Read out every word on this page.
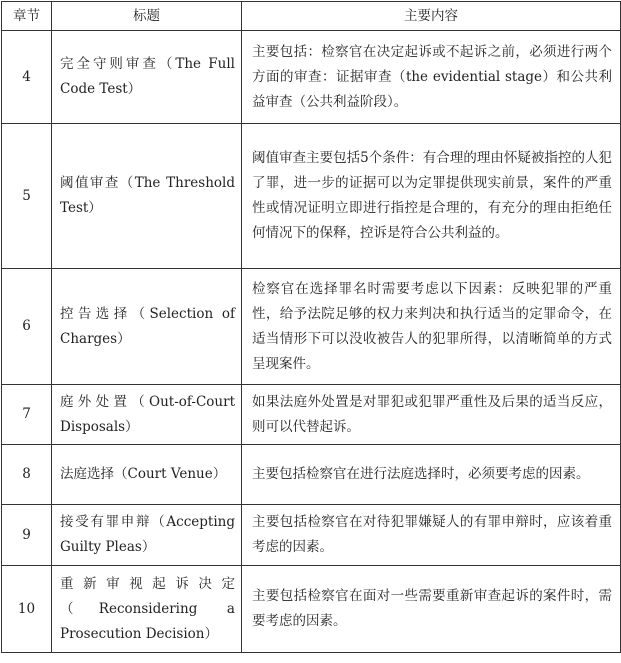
章节	标题	主要内容
4	完全守则审查（The Full Code Test）	主要包括：检察官在决定起诉或不起诉之前，必须进行两个方面的审查：证据审查（the evidential stage）和公共利益审查（公共利益阶段）。
5	阈值审查（The Threshold Test）	阈值审查主要包括5个条件：有合理的理由怀疑被指控的人犯了罪，进一步的证据可以为定罪提供现实前景，案件的严重性或情况证明立即进行指控是合理的，有充分的理由拒绝任何情况下的保释，控诉是符合公共利益的。
6	控告选择（Selection of Charges）	检察官在选择罪名时需要考虑以下因素：反映犯罪的严重性，给予法院足够的权力来判决和执行适当的定罪命令，在适当情形下可以没收被告人的犯罪所得，以清晰简单的方式呈现案件。
7	庭外处置（Out-of-Court Disposals）	如果法庭外处置是对罪犯或犯罪严重性及后果的适当反应，则可以代替起诉。
8	法庭选择（Court Venue）	主要包括检察官在进行法庭选择时，必须要考虑的因素。
9	接受有罪申辩（Accepting Guilty Pleas）	主要包括检察官在对待犯罪嫌疑人的有罪申辩时，应该着重考虑的因素。
10	重新审视起诉决定（Reconsidering a Prosecution Decision）	主要包括检察官在面对一些需要重新审查起诉的案件时，需要考虑的因素。
